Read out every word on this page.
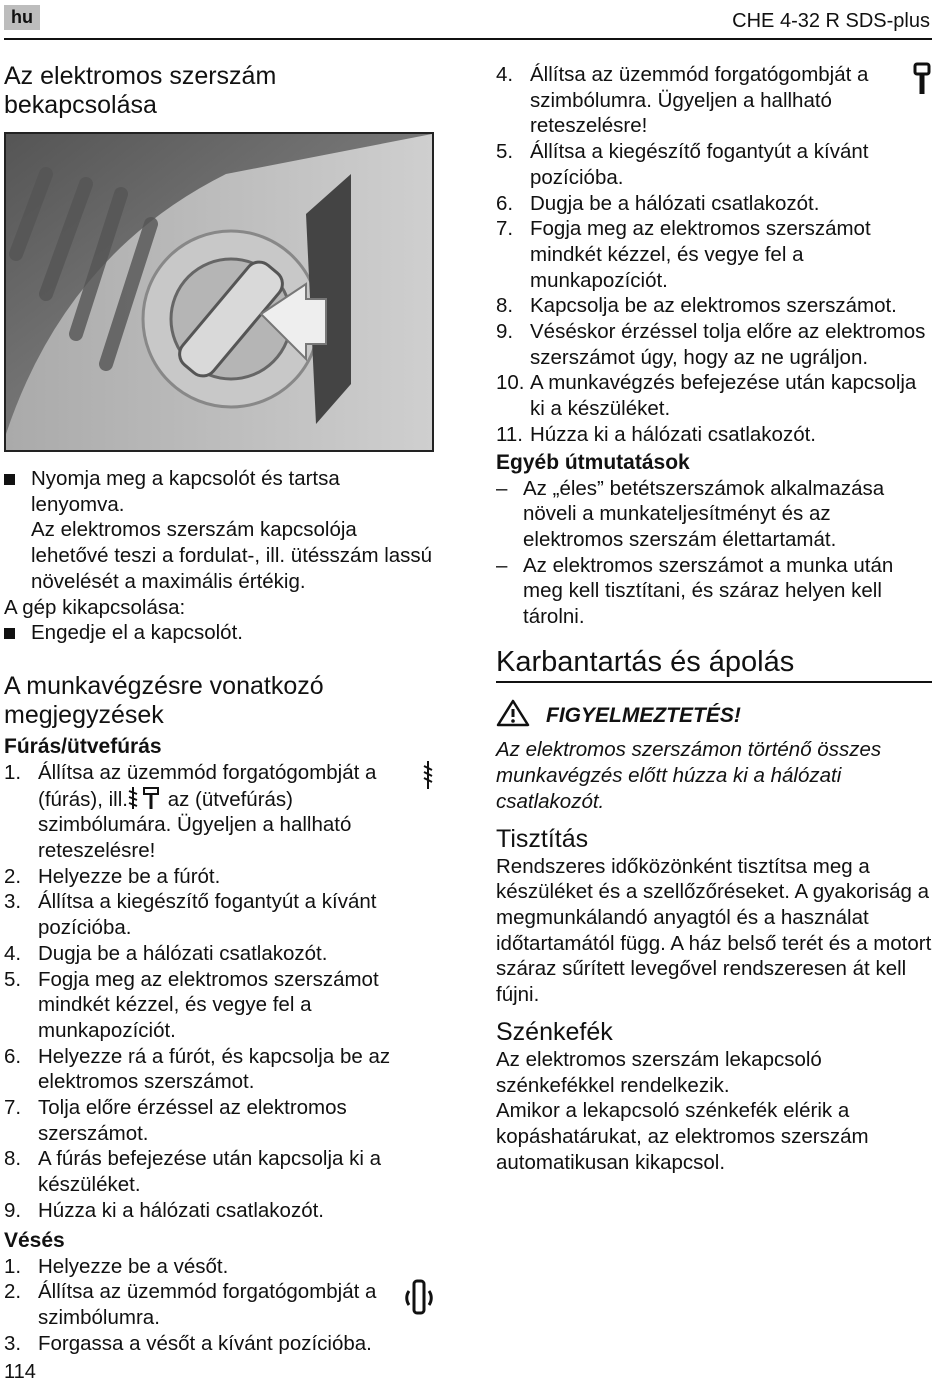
hu	CHE 4-32 R SDS-plus
Az elektromos szerszám bekapcsolása
Nyomja meg a kapcsolót és tartsa lenyomva.
Az elektromos szerszám kapcsolója lehetővé teszi a fordulat-, ill. ütésszám lassú növelését a maximális értékig.

A gép kikapcsolása:

Engedje el a kapcsolót.
A munkavégzésre vonatkozó megjegyzések
Fúrás/ütvefúrás
1. Állítsa az üzemmód forgatógombját a (fúrás), ill. az (ütvefúrás) szimbólumára. Ügyeljen a hallható reteszelésre!
2. Helyezze be a fúrót.
3. Állítsa a kiegészítő fogantyút a kívánt pozícióba.
4. Dugja be a hálózati csatlakozót.
5. Fogja meg az elektromos szerszámot mindkét kézzel, és vegye fel a munkapozíciót.
6. Helyezze rá a fúrót, és kapcsolja be az elektromos szerszámot.
7. Tolja előre érzéssel az elektromos szerszámot.
8. A fúrás befejezése után kapcsolja ki a készüléket.
9. Húzza ki a hálózati csatlakozót.
Vésés
1. Helyezze be a vésőt.
2. Állítsa az üzemmód forgatógombját a szimbólumra.
3. Forgassa a vésőt a kívánt pozícióba.
4. Állítsa az üzemmód forgatógombját a szimbólumra. Ügyeljen a hallható reteszelésre!
5. Állítsa a kiegészítő fogantyút a kívánt pozícióba.
6. Dugja be a hálózati csatlakozót.
7. Fogja meg az elektromos szerszámot mindkét kézzel, és vegye fel a munkapozíciót.
8. Kapcsolja be az elektromos szerszámot.
9. Véséskor érzéssel tolja előre az elektromos szerszámot úgy, hogy az ne ugráljon.
10. A munkavégzés befejezése után kapcsolja ki a készüléket.
11. Húzza ki a hálózati csatlakozót.
Egyéb útmutatások
– Az „éles” betétszerszámok alkalmazása növeli a munkateljesítményt és az elektromos szerszám élettartamát.
– Az elektromos szerszámot a munka után meg kell tisztítani, és száraz helyen kell tárolni.
Karbantartás és ápolás
FIGYELMEZTETÉS!

Az elektromos szerszámon történő összes munkavégzés előtt húzza ki a hálózati csatlakozót.

Tisztítás

Rendszeres időközönként tisztítsa meg a készüléket és a szellőzőréseket. A gyakoriság a megmunkálandó anyagtól és a használat időtartamától függ. A ház belső terét és a motort száraz sűrített levegővel rendszeresen át kell fújni.

Szénkefék

Az elektromos szerszám lekapcsoló szénkefékkel rendelkezik.

Amikor a lekapcsoló szénkefék elérik a kopáshatárukat, az elektromos szerszám automatikusan kikapcsol.

114
